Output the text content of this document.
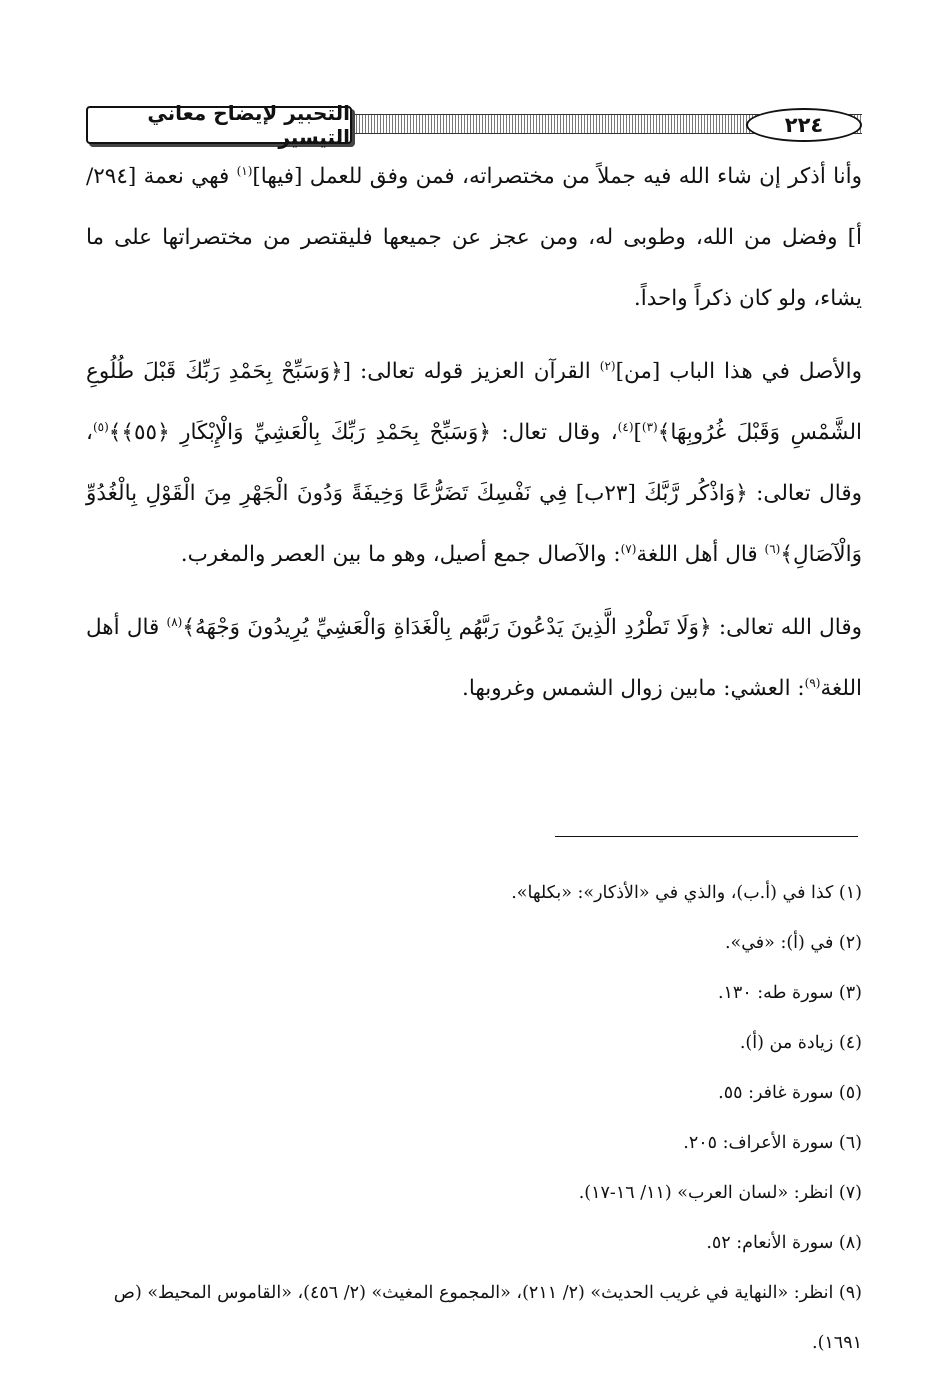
التحبير لإيضاح معاني التيسير	٢٢٤

وأنا أذكر إن شاء الله فيه جملاً من مختصراته، فمن وفق للعمل [فيها]$^{(١)}$ فهي نعمة [٢٩٤/أ] وفضل من الله، وطوبى له، ومن عجز عن جميعها فليقتصر من مختصراتها على ما يشاء، ولو كان ذكراً واحداً.

والأصل في هذا الباب [من]$^{(٢)}$ القرآن العزيز قوله تعالى: [﴿وَسَبِّحْ بِحَمْدِ رَبِّكَ قَبْلَ طُلُوعِ الشَّمْسِ وَقَبْلَ غُرُوبِهَا﴾$^{(٣)}$]$^{(٤)}$، وقال تعال: ﴿وَسَبِّحْ بِحَمْدِ رَبِّكَ بِالْعَشِيِّ وَالْإِبْكَارِ ﴿٥٥﴾﴾$^{(٥)}$، وقال تعالى: ﴿وَاذْكُر رَّبَّكَ [٢٣ب] فِي نَفْسِكَ تَضَرُّعًا وَخِيفَةً وَدُونَ الْجَهْرِ مِنَ الْقَوْلِ بِالْغُدُوِّ وَالْآصَالِ﴾$^{(٦)}$ قال أهل اللغة$^{(٧)}$: والآصال جمع أصيل، وهو ما بين العصر والمغرب.

وقال الله تعالى: ﴿وَلَا تَطْرُدِ الَّذِينَ يَدْعُونَ رَبَّهُم بِالْغَدَاةِ وَالْعَشِيِّ يُرِيدُونَ وَجْهَهُ﴾$^{(٨)}$ قال أهل اللغة$^{(٩)}$: العشي: مابين زوال الشمس وغروبها.

(١) كذا في (أ.ب)، والذي في «الأذكار»: «بكلها».
(٢) في (أ): «في».
(٣) سورة طه: ١٣٠.
(٤) زيادة من (أ).
(٥) سورة غافر: ٥٥.
(٦) سورة الأعراف: ٢٠٥.
(٧) انظر: «لسان العرب» (١١/ ١٦-١٧).
(٨) سورة الأنعام: ٥٢.
(٩) انظر: «النهاية في غريب الحديث» (٢/ ٢١١)، «المجموع المغيث» (٢/ ٤٥٦)، «القاموس المحيط» (ص ١٦٩١).
